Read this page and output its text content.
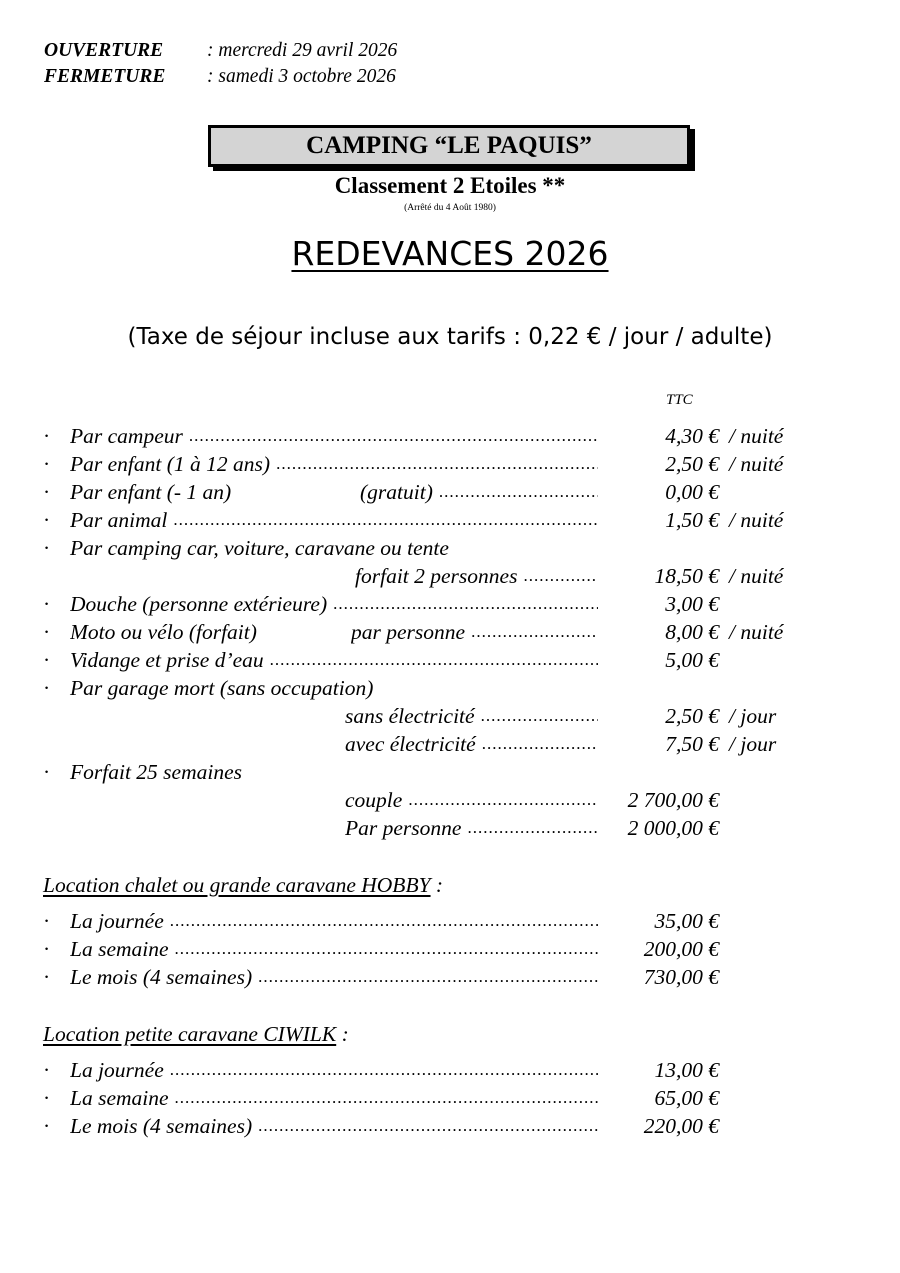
OUVERTURE	: mercredi 29 avril 2026
FERMETURE	: samedi 3 octobre 2026
CAMPING “LE PAQUIS”
Classement 2 Etoiles **
(Arrêté du 4 Août 1980)
REDEVANCES 2026
(Taxe de séjour incluse aux tarifs : 0,22 € / jour / adulte)
TTC
· Par campeur .....	4,30 € / nuité
· Par enfant (1 à 12 ans) .....	2,50 € / nuité
· Par enfant (- 1 an)	(gratuit) .....	0,00 €
· Par animal .....	1,50 € / nuité
· Par camping car, voiture, caravane ou tente
forfait 2 personnes .....	18,50 € / nuité
· Douche (personne extérieure) .....	3,00 €
· Moto ou vélo (forfait)	par personne .....	8,00 € / nuité
· Vidange et prise d’eau .....	5,00 €
· Par garage mort (sans occupation)
sans électricité .....	2,50 € / jour
avec électricité .....	7,50 € / jour
· Forfait 25 semaines
couple .....	2 700,00 €
Par personne .....	2 000,00 €
Location chalet ou grande caravane HOBBY :
· La journée .....	35,00 €
· La semaine .....	200,00 €
· Le mois (4 semaines) .....	730,00 €
Location petite caravane CIWILK :
· La journée .....	13,00 €
· La semaine .....	65,00 €
· Le mois (4 semaines) .....	220,00 €
